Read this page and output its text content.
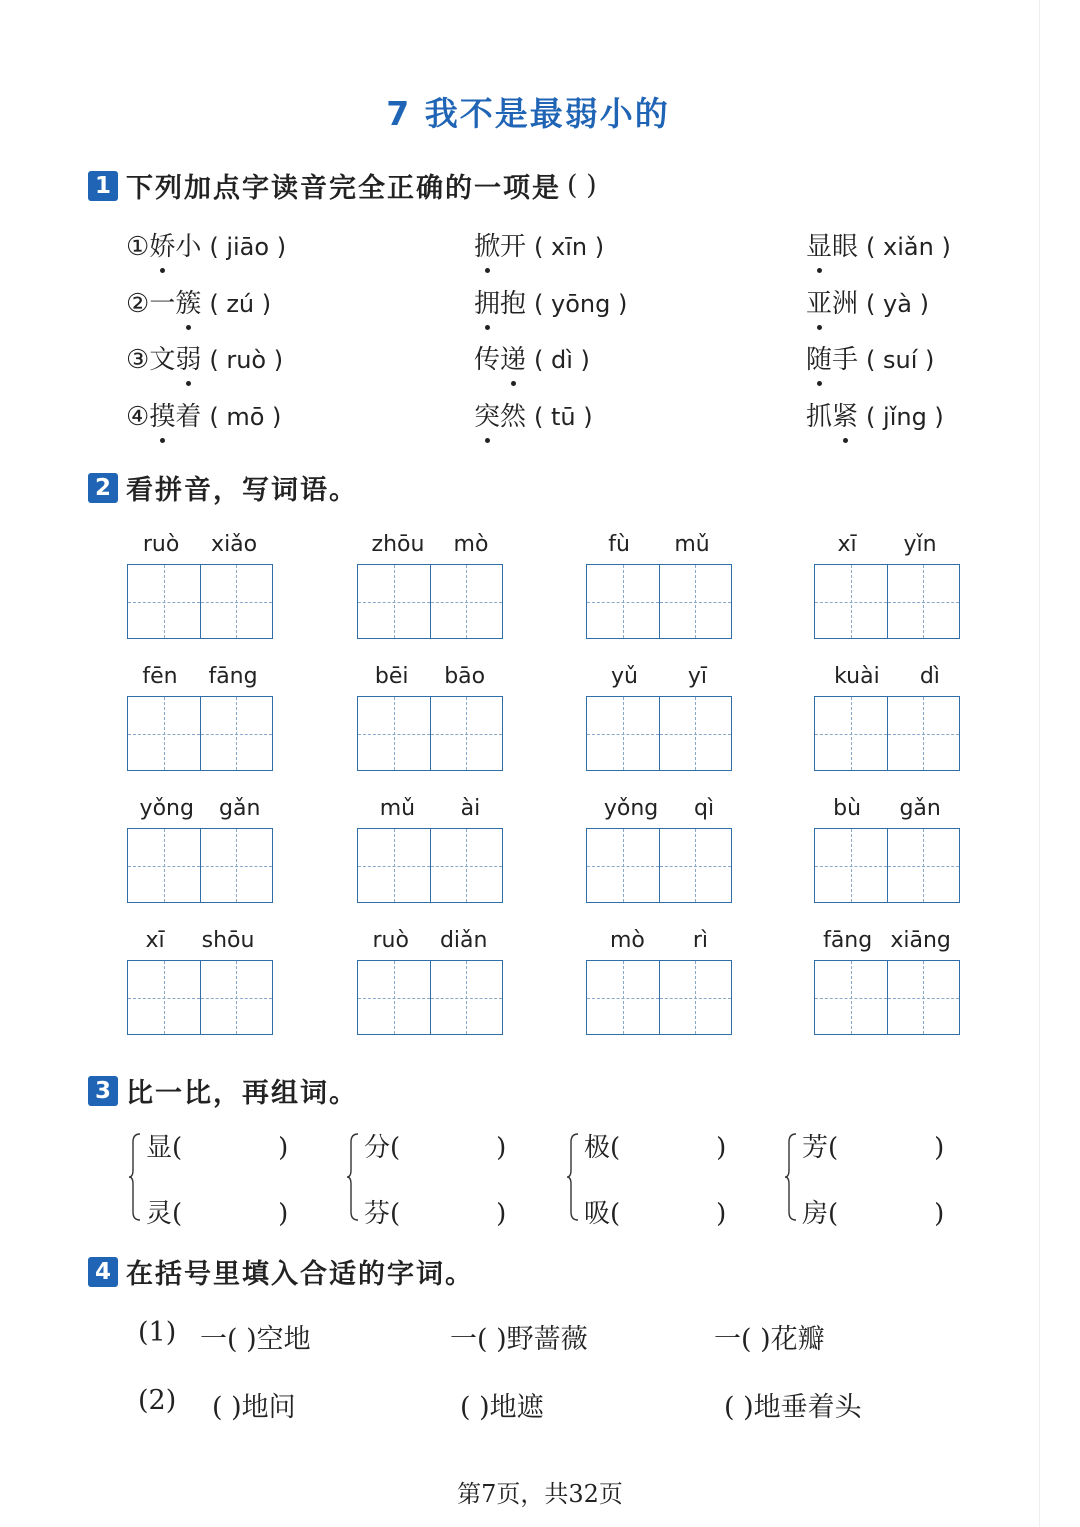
7 我不是最弱小的
1 下列加点字读音完全正确的一项是 ( )
① 娇 小 ( jiāo )	掀 开 ( xīn )	显 眼 ( xiǎn )
② 一 簇 ( zú )	拥 抱 ( yōng )	亚 洲 ( yà )
③ 文 弱 ( ruò )	传 递 ( dì )	随 手 ( suí )
④ 摸 着 ( mō )	突 然 ( tū )	抓 紧 ( jǐng )
2 看拼音，写词语。
ruò xiǎo	zhōu mò	fù mǔ	xī yǐn
fēn fāng	bēi bāo	yǔ yī	kuài dì
yǒng gǎn	mǔ ài	yǒng qì	bù gǎn
xī shōu	ruò diǎn	mò rì	fāng xiāng
3 比一比，再组词。
显(	)
灵(	)
分(	)
芬(	)
极(	)
吸(	)
芳(	)
房(	)
4 在括号里填入合适的字词。
(1) 一( )空地	一( )野蔷薇	一( )花瓣
(2) ( )地问	( )地遮	( )地垂着头
第7页，共32页
